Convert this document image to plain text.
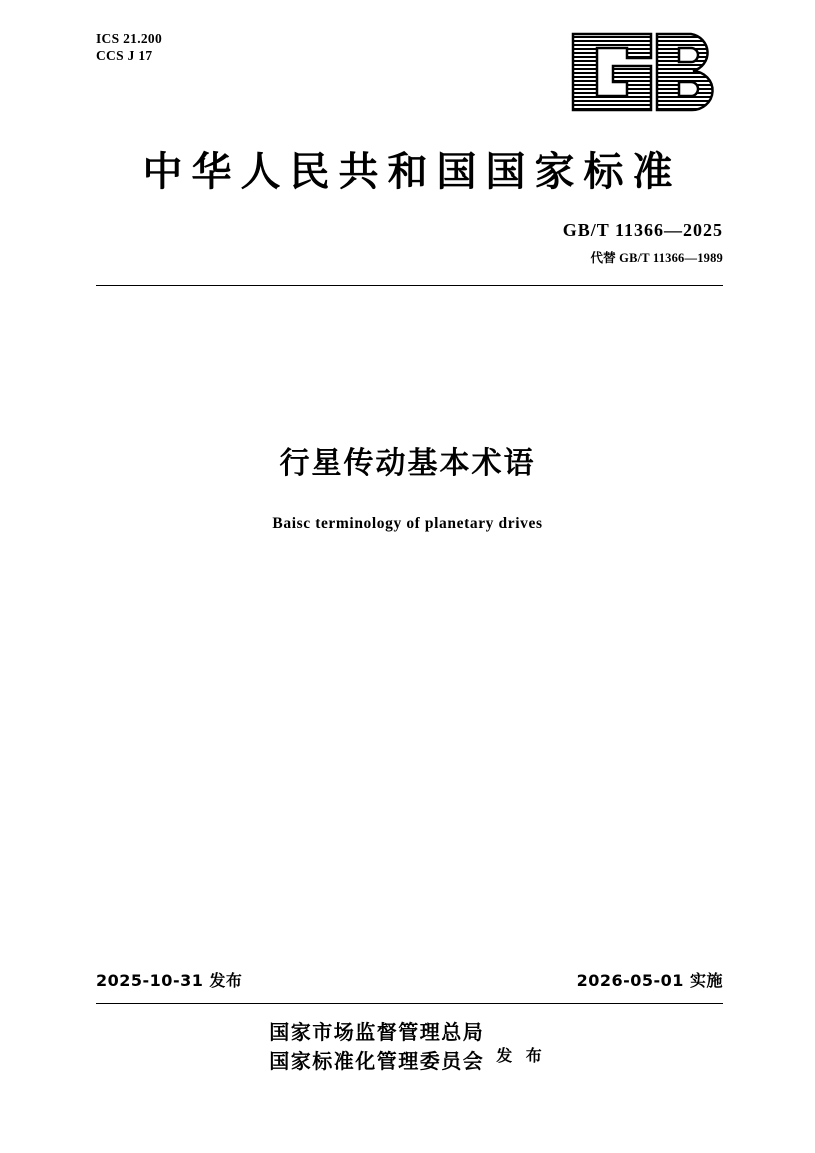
ICS 21.200
CCS J 17
中华人民共和国国家标准
GB/T 11366—2025
代替 GB/T 11366—1989
行星传动基本术语
Baisc terminology of planetary drives
2025-10-31 发布	2026-05-01 实施
国家市场监督管理总局
国家标准化管理委员会 发 布
